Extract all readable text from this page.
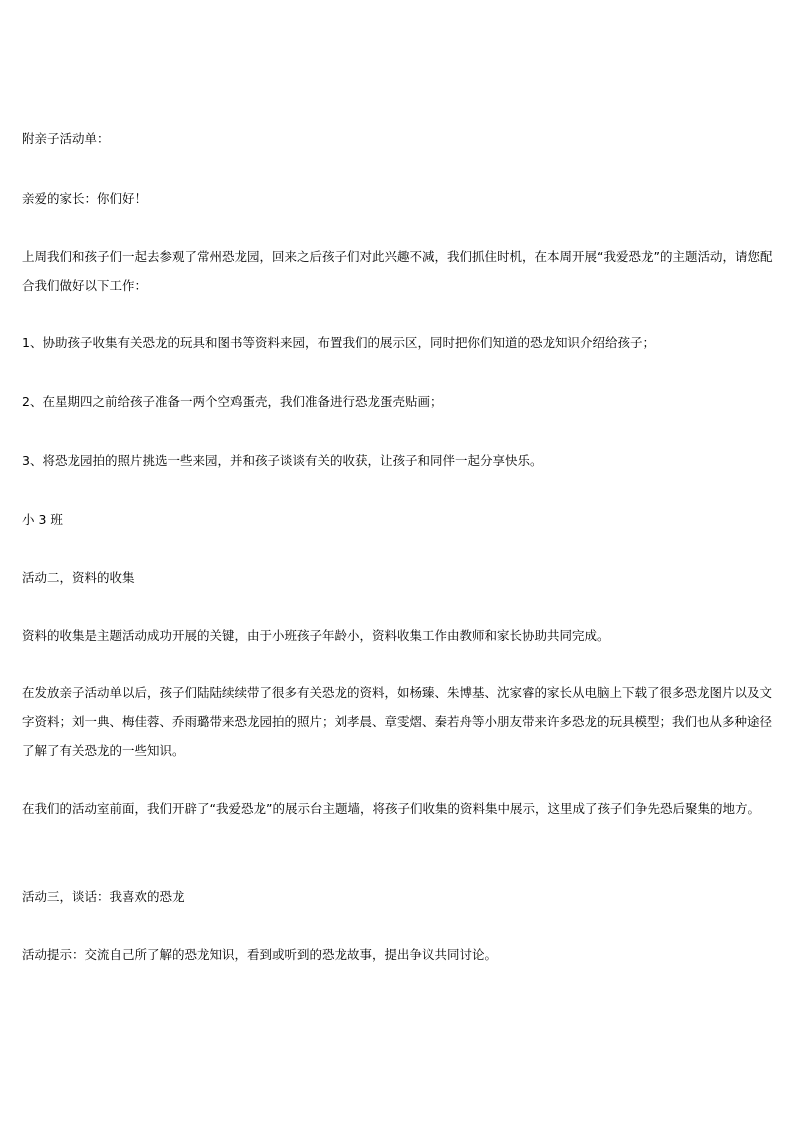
附亲子活动单：

亲爱的家长：你们好！

上周我们和孩子们一起去参观了常州恐龙园，回来之后孩子们对此兴趣不减，我们抓住时机，在本周开展“我爱恐龙”的主题活动，请您配合我们做好以下工作：

1、协助孩子收集有关恐龙的玩具和图书等资料来园，布置我们的展示区，同时把你们知道的恐龙知识介绍给孩子；

2、在星期四之前给孩子准备一两个空鸡蛋壳，我们准备进行恐龙蛋壳贴画；

3、将恐龙园拍的照片挑选一些来园，并和孩子谈谈有关的收获，让孩子和同伴一起分享快乐。

小 3 班

活动二，资料的收集

资料的收集是主题活动成功开展的关键，由于小班孩子年龄小，资料收集工作由教师和家长协助共同完成。

在发放亲子活动单以后，孩子们陆陆续续带了很多有关恐龙的资料，如杨臻、朱博基、沈家睿的家长从电脑上下载了很多恐龙图片以及文字资料；刘一典、梅佳蓉、乔雨璐带来恐龙园拍的照片；刘孝晨、章雯熠、秦若舟等小朋友带来许多恐龙的玩具模型；我们也从多种途径了解了有关恐龙的一些知识。

在我们的活动室前面，我们开辟了“我爱恐龙”的展示台主题墙，将孩子们收集的资料集中展示，这里成了孩子们争先恐后聚集的地方。

活动三，谈话：我喜欢的恐龙

活动提示：交流自己所了解的恐龙知识，看到或听到的恐龙故事，提出争议共同讨论。
